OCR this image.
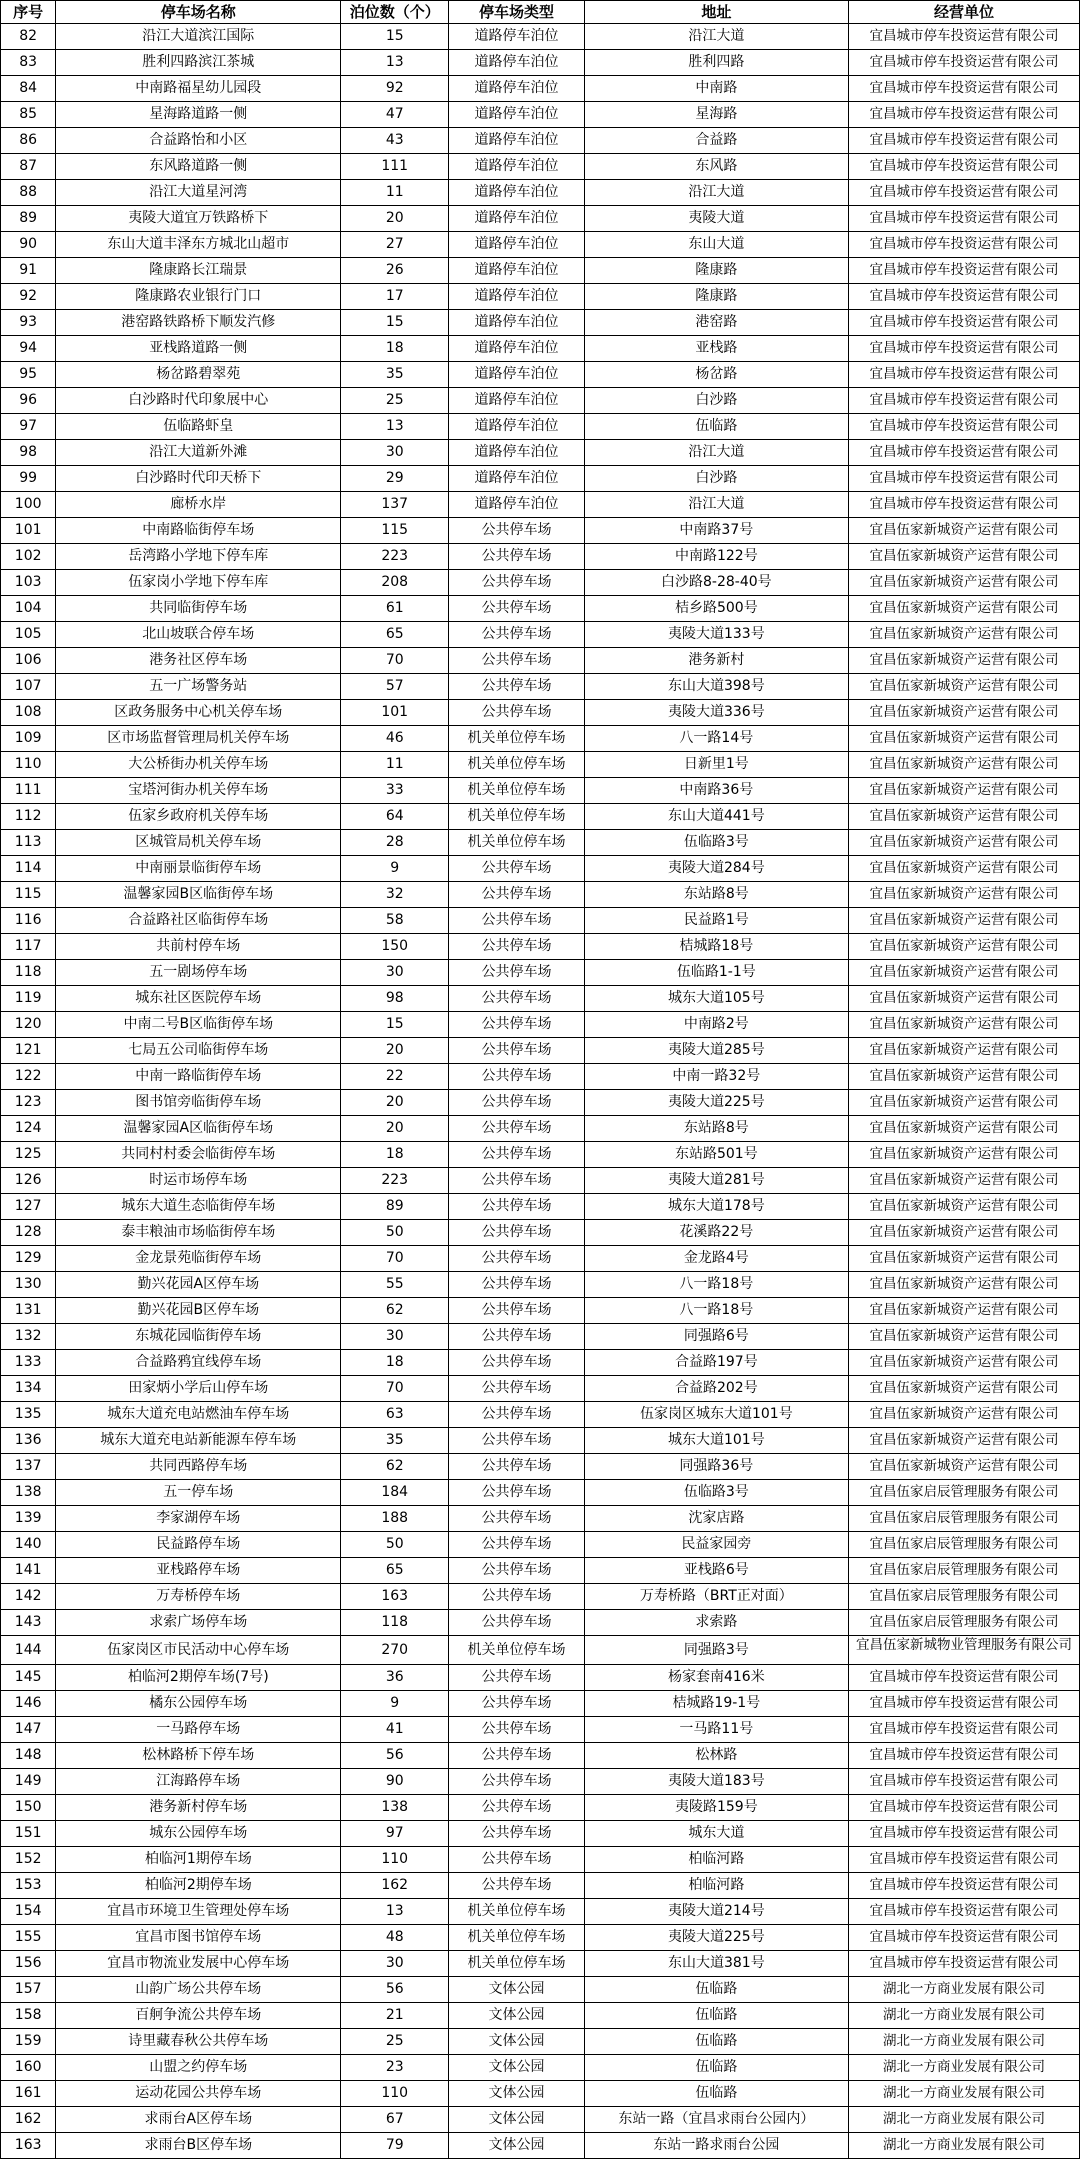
序号	停车场名称	泊位数（个）	停车场类型	地址	经营单位
82	沿江大道滨江国际	15	道路停车泊位	沿江大道	宜昌城市停车投资运营有限公司
83	胜利四路滨江茶城	13	道路停车泊位	胜利四路	宜昌城市停车投资运营有限公司
84	中南路福星幼儿园段	92	道路停车泊位	中南路	宜昌城市停车投资运营有限公司
85	星海路道路一侧	47	道路停车泊位	星海路	宜昌城市停车投资运营有限公司
86	合益路怡和小区	43	道路停车泊位	合益路	宜昌城市停车投资运营有限公司
87	东风路道路一侧	111	道路停车泊位	东风路	宜昌城市停车投资运营有限公司
88	沿江大道星河湾	11	道路停车泊位	沿江大道	宜昌城市停车投资运营有限公司
89	夷陵大道宜万铁路桥下	20	道路停车泊位	夷陵大道	宜昌城市停车投资运营有限公司
90	东山大道丰泽东方城北山超市	27	道路停车泊位	东山大道	宜昌城市停车投资运营有限公司
91	隆康路长江瑞景	26	道路停车泊位	隆康路	宜昌城市停车投资运营有限公司
92	隆康路农业银行门口	17	道路停车泊位	隆康路	宜昌城市停车投资运营有限公司
93	港窑路铁路桥下顺发汽修	15	道路停车泊位	港窑路	宜昌城市停车投资运营有限公司
94	亚栈路道路一侧	18	道路停车泊位	亚栈路	宜昌城市停车投资运营有限公司
95	杨岔路碧翠苑	35	道路停车泊位	杨岔路	宜昌城市停车投资运营有限公司
96	白沙路时代印象展中心	25	道路停车泊位	白沙路	宜昌城市停车投资运营有限公司
97	伍临路虾皇	13	道路停车泊位	伍临路	宜昌城市停车投资运营有限公司
98	沿江大道新外滩	30	道路停车泊位	沿江大道	宜昌城市停车投资运营有限公司
99	白沙路时代印天桥下	29	道路停车泊位	白沙路	宜昌城市停车投资运营有限公司
100	廊桥水岸	137	道路停车泊位	沿江大道	宜昌城市停车投资运营有限公司
101	中南路临街停车场	115	公共停车场	中南路37号	宜昌伍家新城资产运营有限公司
102	岳湾路小学地下停车库	223	公共停车场	中南路122号	宜昌伍家新城资产运营有限公司
103	伍家岗小学地下停车库	208	公共停车场	白沙路8-28-40号	宜昌伍家新城资产运营有限公司
104	共同临街停车场	61	公共停车场	桔乡路500号	宜昌伍家新城资产运营有限公司
105	北山坡联合停车场	65	公共停车场	夷陵大道133号	宜昌伍家新城资产运营有限公司
106	港务社区停车场	70	公共停车场	港务新村	宜昌伍家新城资产运营有限公司
107	五一广场警务站	57	公共停车场	东山大道398号	宜昌伍家新城资产运营有限公司
108	区政务服务中心机关停车场	101	公共停车场	夷陵大道336号	宜昌伍家新城资产运营有限公司
109	区市场监督管理局机关停车场	46	机关单位停车场	八一路14号	宜昌伍家新城资产运营有限公司
110	大公桥街办机关停车场	11	机关单位停车场	日新里1号	宜昌伍家新城资产运营有限公司
111	宝塔河街办机关停车场	33	机关单位停车场	中南路36号	宜昌伍家新城资产运营有限公司
112	伍家乡政府机关停车场	64	机关单位停车场	东山大道441号	宜昌伍家新城资产运营有限公司
113	区城管局机关停车场	28	机关单位停车场	伍临路3号	宜昌伍家新城资产运营有限公司
114	中南丽景临街停车场	9	公共停车场	夷陵大道284号	宜昌伍家新城资产运营有限公司
115	温馨家园B区临街停车场	32	公共停车场	东站路8号	宜昌伍家新城资产运营有限公司
116	合益路社区临街停车场	58	公共停车场	民益路1号	宜昌伍家新城资产运营有限公司
117	共前村停车场	150	公共停车场	桔城路18号	宜昌伍家新城资产运营有限公司
118	五一剧场停车场	30	公共停车场	伍临路1-1号	宜昌伍家新城资产运营有限公司
119	城东社区医院停车场	98	公共停车场	城东大道105号	宜昌伍家新城资产运营有限公司
120	中南二号B区临街停车场	15	公共停车场	中南路2号	宜昌伍家新城资产运营有限公司
121	七局五公司临街停车场	20	公共停车场	夷陵大道285号	宜昌伍家新城资产运营有限公司
122	中南一路临街停车场	22	公共停车场	中南一路32号	宜昌伍家新城资产运营有限公司
123	图书馆旁临街停车场	20	公共停车场	夷陵大道225号	宜昌伍家新城资产运营有限公司
124	温馨家园A区临街停车场	20	公共停车场	东站路8号	宜昌伍家新城资产运营有限公司
125	共同村村委会临街停车场	18	公共停车场	东站路501号	宜昌伍家新城资产运营有限公司
126	时运市场停车场	223	公共停车场	夷陵大道281号	宜昌伍家新城资产运营有限公司
127	城东大道生态临街停车场	89	公共停车场	城东大道178号	宜昌伍家新城资产运营有限公司
128	泰丰粮油市场临街停车场	50	公共停车场	花溪路22号	宜昌伍家新城资产运营有限公司
129	金龙景苑临街停车场	70	公共停车场	金龙路4号	宜昌伍家新城资产运营有限公司
130	勤兴花园A区停车场	55	公共停车场	八一路18号	宜昌伍家新城资产运营有限公司
131	勤兴花园B区停车场	62	公共停车场	八一路18号	宜昌伍家新城资产运营有限公司
132	东城花园临街停车场	30	公共停车场	同强路6号	宜昌伍家新城资产运营有限公司
133	合益路鸦宜线停车场	18	公共停车场	合益路197号	宜昌伍家新城资产运营有限公司
134	田家炳小学后山停车场	70	公共停车场	合益路202号	宜昌伍家新城资产运营有限公司
135	城东大道充电站燃油车停车场	63	公共停车场	伍家岗区城东大道101号	宜昌伍家新城资产运营有限公司
136	城东大道充电站新能源车停车场	35	公共停车场	城东大道101号	宜昌伍家新城资产运营有限公司
137	共同西路停车场	62	公共停车场	同强路36号	宜昌伍家新城资产运营有限公司
138	五一停车场	184	公共停车场	伍临路3号	宜昌伍家启辰管理服务有限公司
139	李家湖停车场	188	公共停车场	沈家店路	宜昌伍家启辰管理服务有限公司
140	民益路停车场	50	公共停车场	民益家园旁	宜昌伍家启辰管理服务有限公司
141	亚栈路停车场	65	公共停车场	亚栈路6号	宜昌伍家启辰管理服务有限公司
142	万寿桥停车场	163	公共停车场	万寿桥路（BRT正对面）	宜昌伍家启辰管理服务有限公司
143	求索广场停车场	118	公共停车场	求索路	宜昌伍家启辰管理服务有限公司
144	伍家岗区市民活动中心停车场	270	机关单位停车场	同强路3号	宜昌伍家新城物业管理服务有限公司
145	柏临河2期停车场(7号)	36	公共停车场	杨家套南416米	宜昌城市停车投资运营有限公司
146	橘东公园停车场	9	公共停车场	桔城路19-1号	宜昌城市停车投资运营有限公司
147	一马路停车场	41	公共停车场	一马路11号	宜昌城市停车投资运营有限公司
148	松林路桥下停车场	56	公共停车场	松林路	宜昌城市停车投资运营有限公司
149	江海路停车场	90	公共停车场	夷陵大道183号	宜昌城市停车投资运营有限公司
150	港务新村停车场	138	公共停车场	夷陵路159号	宜昌城市停车投资运营有限公司
151	城东公园停车场	97	公共停车场	城东大道	宜昌城市停车投资运营有限公司
152	柏临河1期停车场	110	公共停车场	柏临河路	宜昌城市停车投资运营有限公司
153	柏临河2期停车场	162	公共停车场	柏临河路	宜昌城市停车投资运营有限公司
154	宜昌市环境卫生管理处停车场	13	机关单位停车场	夷陵大道214号	宜昌城市停车投资运营有限公司
155	宜昌市图书馆停车场	48	机关单位停车场	夷陵大道225号	宜昌城市停车投资运营有限公司
156	宜昌市物流业发展中心停车场	30	机关单位停车场	东山大道381号	宜昌城市停车投资运营有限公司
157	山韵广场公共停车场	56	文体公园	伍临路	湖北一方商业发展有限公司
158	百舸争流公共停车场	21	文体公园	伍临路	湖北一方商业发展有限公司
159	诗里藏春秋公共停车场	25	文体公园	伍临路	湖北一方商业发展有限公司
160	山盟之约停车场	23	文体公园	伍临路	湖北一方商业发展有限公司
161	运动花园公共停车场	110	文体公园	伍临路	湖北一方商业发展有限公司
162	求雨台A区停车场	67	文体公园	东站一路（宜昌求雨台公园内）	湖北一方商业发展有限公司
163	求雨台B区停车场	79	文体公园	东站一路求雨台公园	湖北一方商业发展有限公司
